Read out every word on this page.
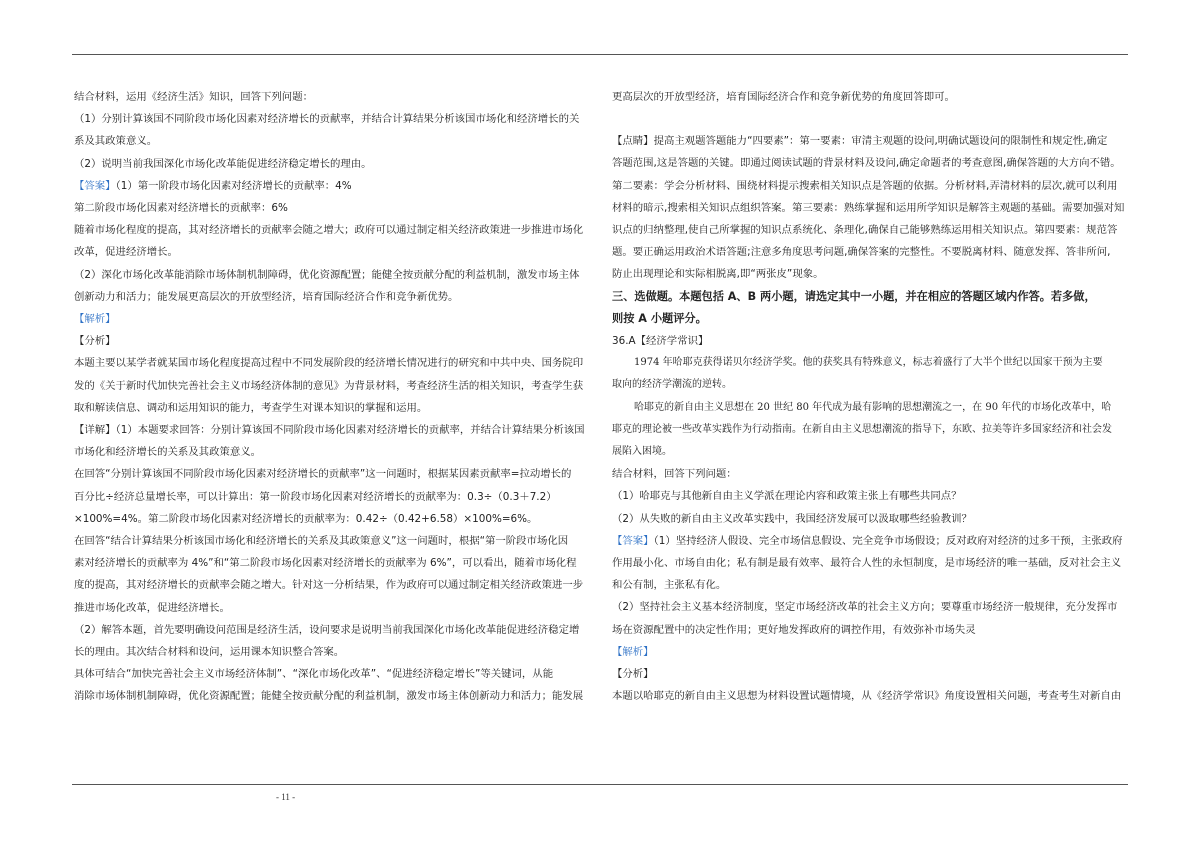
结合材料，运用《经济生活》知识，回答下列问题：

（1）分别计算该国不同阶段市场化因素对经济增长的贡献率，并结合计算结果分析该国市场化和经济增长的关

系及其政策意义。

（2）说明当前我国深化市场化改革能促进经济稳定增长的理由。

【答案】（1）第一阶段市场化因素对经济增长的贡献率：4%

第二阶段市场化因素对经济增长的贡献率：6%

随着市场化程度的提高，其对经济增长的贡献率会随之增大；政府可以通过制定相关经济政策进一步推进市场化

改革，促进经济增长。

（2）深化市场化改革能消除市场体制机制障碍，优化资源配置；能健全按贡献分配的利益机制，激发市场主体

创新动力和活力；能发展更高层次的开放型经济，培育国际经济合作和竞争新优势。

【解析】

【分析】

本题主要以某学者就某国市场化程度提高过程中不同发展阶段的经济增长情况进行的研究和中共中央、国务院印

发的《关于新时代加快完善社会主义市场经济体制的意见》为背景材料，考查经济生活的相关知识，考查学生获

取和解读信息、调动和运用知识的能力，考查学生对课本知识的掌握和运用。

【详解】（1）本题要求回答：分别计算该国不同阶段市场化因素对经济增长的贡献率，并结合计算结果分析该国

市场化和经济增长的关系及其政策意义。

在回答“分别计算该国不同阶段市场化因素对经济增长的贡献率”这一问题时，根据某因素贡献率=拉动增长的

百分比÷经济总量增长率，可以计算出：第一阶段市场化因素对经济增长的贡献率为：0.3÷（0.3＋7.2）

×100%=4%。第二阶段市场化因素对经济增长的贡献率为：0.42÷（0.42+6.58）×100%=6%。

在回答“结合计算结果分析该国市场化和经济增长的关系及其政策意义”这一问题时，根据“第一阶段市场化因

素对经济增长的贡献率为 4%”和“第二阶段市场化因素对经济增长的贡献率为 6%”，可以看出，随着市场化程

度的提高，其对经济增长的贡献率会随之增大。针对这一分析结果，作为政府可以通过制定相关经济政策进一步

推进市场化改革，促进经济增长。

（2）解答本题，首先要明确设问范围是经济生活，设问要求是说明当前我国深化市场化改革能促进经济稳定增

长的理由。其次结合材料和设问，运用课本知识整合答案。

具体可结合“加快完善社会主义市场经济体制”、“深化市场化改革”、“促进经济稳定增长”等关键词，从能

消除市场体制机制障碍，优化资源配置；能健全按贡献分配的利益机制，激发市场主体创新动力和活力；能发展

更高层次的开放型经济，培育国际经济合作和竞争新优势的角度回答即可。

【点睛】提高主观题答题能力“四要素”：第一要素：审清主观题的设问,明确试题设问的限制性和规定性,确定

答题范围,这是答题的关键。即通过阅读试题的背景材料及设问,确定命题者的考查意图,确保答题的大方向不错。

第二要素：学会分析材料、围绕材料提示搜索相关知识点是答题的依据。分析材料,弄清材料的层次,就可以利用

材料的暗示,搜索相关知识点组织答案。第三要素：熟练掌握和运用所学知识是解答主观题的基础。需要加强对知

识点的归纳整理,使自己所掌握的知识点系统化、条理化,确保自己能够熟练运用相关知识点。第四要素：规范答

题。要正确运用政治术语答题;注意多角度思考问题,确保答案的完整性。不要脱离材料、随意发挥、答非所问,

防止出现理论和实际相脱离,即“两张皮”现象。

三、选做题。本题包括 A、B 两小题，请选定其中一小题，并在相应的答题区域内作答。若多做，

则按 A 小题评分。

36.A【经济学常识】

1974 年哈耶克获得诺贝尔经济学奖。他的获奖具有特殊意义，标志着盛行了大半个世纪以国家干预为主要

取向的经济学潮流的逆转。

哈耶克的新自由主义思想在 20 世纪 80 年代成为最有影响的思想潮流之一，在 90 年代的市场化改革中，哈

耶克的理论被一些改革实践作为行动指南。在新自由主义思想潮流的指导下，东欧、拉美等许多国家经济和社会发

展陷入困境。

结合材料，回答下列问题：

（1）哈耶克与其他新自由主义学派在理论内容和政策主张上有哪些共同点？

（2）从失败的新自由主义改革实践中，我国经济发展可以汲取哪些经验教训？

【答案】（1）坚持经济人假设、完全市场信息假设、完全竞争市场假设；反对政府对经济的过多干预，主张政府

作用最小化、市场自由化；私有制是最有效率、最符合人性的永恒制度，是市场经济的唯一基础，反对社会主义

和公有制，主张私有化。

（2）坚持社会主义基本经济制度，坚定市场经济改革的社会主义方向；要尊重市场经济一般规律，充分发挥市

场在资源配置中的决定性作用；更好地发挥政府的调控作用，有效弥补市场失灵

【解析】

【分析】

本题以哈耶克的新自由主义思想为材料设置试题情境，从《经济学常识》角度设置相关问题，考查考生对新自由

- 11 -
